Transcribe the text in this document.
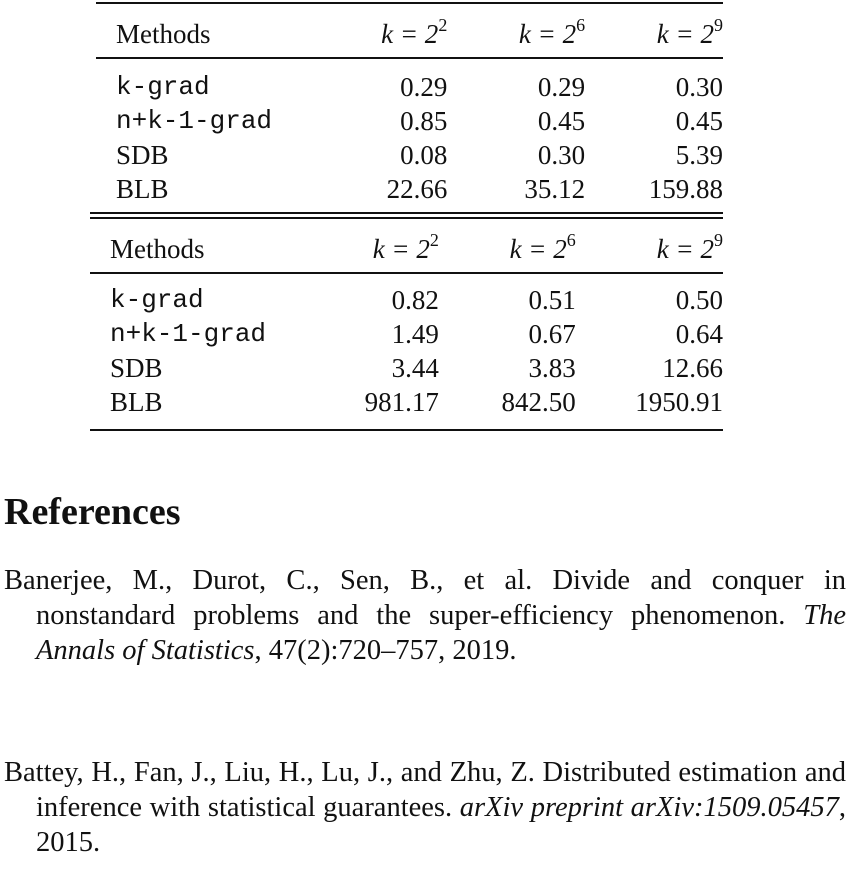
Methods	$k = 2^2$	$k = 2^6$	$k = 2^9$

k-grad	0.29	0.29	0.30
n+k-1-grad	0.85	0.45	0.45
SDB	0.08	0.30	5.39
BLB	22.66	35.12	159.88
Methods	$k = 2^2$	$k = 2^6$	$k = 2^9$

k-grad	0.82	0.51	0.50
n+k-1-grad	1.49	0.67	0.64
SDB	3.44	3.83	12.66
BLB	981.17	842.50	1950.91
References
Banerjee, M., Durot, C., Sen, B., et al. Divide and conquer in nonstandard problems and the super-efficiency phenomenon. The Annals of Statistics, 47(2):720–757, 2019.
Battey, H., Fan, J., Liu, H., Lu, J., and Zhu, Z. Distributed estimation and inference with statistical guarantees. arXiv preprint arXiv:1509.05457, 2015.
